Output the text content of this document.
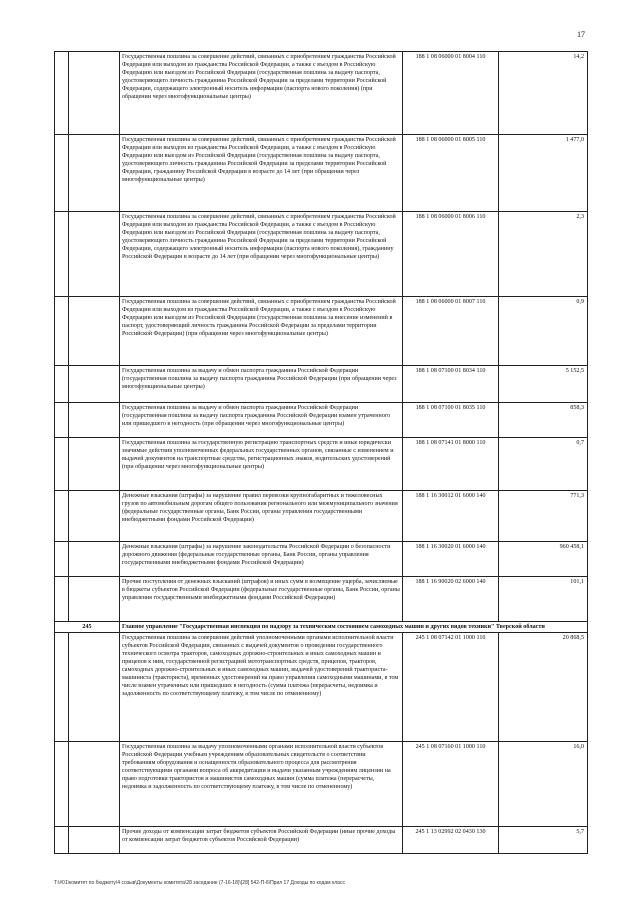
17
		Государственная пошлина за совершение действий, связанных с приобретением гражданства Российской Федерации или выходом из гражданства Российской Федерации, а также с въездом в Российскую Федерацию или выездом из Российской Федерации (государственная пошлина за выдачу паспорта, удостоверяющего личность гражданина Российской Федерации за пределами территории Российской Федерации, содержащего электронный носитель информации (паспорта нового поколения) (при обращении через многофункциональные центры)	188 1 08 06000 01 8004 110	14,2
		Государственная пошлина за совершение действий, связанных с приобретением гражданства Российской Федерации или выходом из гражданства Российской Федерации, а также с въездом в Российскую Федерацию или выездом из Российской Федерации (государственная пошлина за выдачу паспорта, удостоверяющего личность гражданина Российской Федерации за пределами территории Российской Федерации, гражданину Российской Федерации в возрасте до 14 лет (при обращении через многофункциональные центры)	188 1 08 06000 01 8005 110	1 477,0
		Государственная пошлина за совершение действий, связанных с приобретением гражданства Российской Федерации или выходом из гражданства Российской Федерации, а также с въездом в Российскую Федерацию или выездом из Российской Федерации (государственная пошлина за выдачу паспорта, удостоверяющего личность гражданина Российской Федерации за пределами территории Российской Федерации, содержащего электронный носитель информации (паспорта нового поколения), гражданину Российской Федерации в возрасте до 14 лет (при обращении через многофункциональные центры)	188 1 08 06000 01 8006 110	2,3
		Государственная пошлина за совершение действий, связанных с приобретением гражданства Российской Федерации или выходом из гражданства Российской Федерации, а также с въездом в Российскую Федерацию или выездом из Российской Федерации (государственная пошлина за внесение изменений в паспорт, удостоверяющий личность гражданина Российской Федерации за пределами территории Российской Федерации) (при обращении через многофункциональные центры)	188 1 08 06000 01 8007 110	0,9
		Государственная пошлина за выдачу и обмен паспорта гражданина Российской Федерации (государственная пошлина за выдачу паспорта гражданина Российской Федерации (при обращении через многофункциональные центры)	188 1 08 07100 01 8034 110	5 152,5
		Государственная пошлина за выдачу и обмен паспорта гражданина Российской Федерации (государственная пошлина за выдачу паспорта гражданина Российской Федерации взамен утраченного или пришедшего в негодность (при обращении через многофункциональные центры)	188 1 08 07100 01 8035 110	858,3
		Государственная пошлина за государственную регистрацию транспортных средств и иные юридически значимые действия уполномоченных федеральных государственных органов, связанные с изменением и выдачей документов на транспортные средства, регистрационных знаков, водительских удостоверений (при обращении через многофункциональные центры)	188 1 08 07141 01 8000 110	0,7
		Денежные взыскания (штрафы) за нарушение правил перевозки крупногабаритных и тяжеловесных грузов по автомобильным дорогам общего пользования регионального или межмуниципального значения (федеральные государственные органы, Банк России, органы управления государственными внебюджетными фондами Российской Федерации)	188 1 16 30012 01 6000 140	771,3
		Денежные взыскания (штрафы) за нарушение законодательства Российской Федерации о безопасности дорожного движения (федеральные государственные органы, Банк России, органы управления государственными внебюджетными фондами Российской Федерации)	188 1 16 30020 01 6000 140	960 458,1
		Прочие поступления от денежных взысканий (штрафов) и иных сумм в возмещение ущерба, зачисляемые в бюджеты субъектов Российской Федерации (федеральные государственные органы, Банк России, органы управления государственными внебюджетными фондами Российской Федерации)	188 1 16 90020 02 6000 140	101,1
245		Главное управление "Государственная инспекция по надзору за техническим состоянием самоходных машин и других видов техники" Тверской области		
		Государственная пошлина за совершение действий уполномоченными органами исполнительной власти субъектов Российской Федерации, связанных с выдачей документов о проведении государственного технического осмотра тракторов, самоходных дорожно-строительных и иных самоходных машин и прицепов к ним, государственной регистрацией мототранспортных средств, прицепов, тракторов, самоходных дорожно-строительных и иных самоходных машин, выдачей удостоверений тракториста-машиниста (тракториста), временных удостоверений на право управления самоходными машинами, в том числе взамен утраченных или пришедших в негодность (сумма платежа (перерасчеты, недоимка и задолженность по соответствующему платежу, в том числе по отмененному)	245 1 08 07142 01 1000 110	20 868,5
		Государственная пошлина за выдачу уполномоченными органами исполнительной власти субъектов Российской Федерации учебным учреждениям образовательных свидетельств о соответствии требованиям оборудования и оснащенности образовательного процесса для рассмотрения соответствующими органами вопроса об аккредитации и выдачи указанным учреждениям лицензии на право подготовки трактористов и машинистов самоходных машин (сумма платежа (перерасчеты, недоимка и задолженность по соответствующему платежу, в том числе по отмененному)	245 1 08 07160 01 1000 110	16,0
		Прочие доходы от компенсации затрат бюджетов субъектов Российской Федерации (иные прочие доходы от компенсации затрат бюджетов субъектов Российской Федерации)	245 1 13 02992 02 0430 130	5,7
T:\#01\комитет по бюджету\4 созыв\Документы комитета\28 заседание (7-16-18)\[28] 542-П-6\Прил 17 Доходы по кодам класс
